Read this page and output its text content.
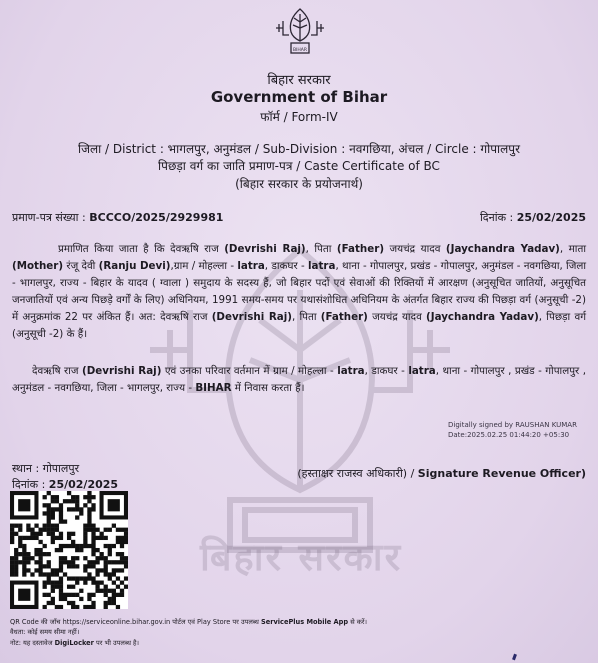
बिहार सरकार
BIHAR
बिहार सरकार
Government of Bihar
फॉर्म / Form-IV
जिला / District : भागलपुर, अनुमंडल / Sub-Division : नवगछिया, अंचल / Circle : गोपालपुर
पिछड़ा वर्ग का जाति प्रमाण-पत्र / Caste Certificate of BC
(बिहार सरकार के प्रयोजनार्थ)
प्रमाण-पत्र संख्या : BCCCO/2025/2929981	दिनांक : 25/02/2025
प्रमाणित किया जाता है कि देवऋषि राज (Devrishi Raj), पिता (Father) जयचंद्र यादव (Jaychandra Yadav), माता (Mother) रंजू देवी (Ranju Devi),ग्राम / मोहल्ला - latra, डाकघर - latra, थाना - गोपालपुर, प्रखंड - गोपालपुर, अनुमंडल - नवगछिया, जिला - भागलपुर, राज्य - बिहार के यादव ( ग्वाला ) समुदाय के सदस्य हैं, जो बिहार पदों एवं सेवाओं की रिक्तियों में आरक्षण (अनुसूचित जातियों, अनुसूचित जनजातियों एवं अन्य पिछड़े वर्गों के लिए) अधिनियम, 1991 समय-समय पर यथासंशोधित अधिनियम के अंतर्गत बिहार राज्य की पिछड़ा वर्ग (अनुसूची -2) में अनुक्रमांक 22 पर अंकित हैं। अत: देवऋषि राज (Devrishi Raj), पिता (Father) जयचंद्र यादव (Jaychandra Yadav), पिछड़ा वर्ग (अनुसूची -2) के हैं।
देवऋषि राज (Devrishi Raj) एवं उनका परिवार वर्तमान में ग्राम / मोहल्ला - latra, डाकघर - latra, थाना - गोपालपुर , प्रखंड - गोपालपुर , अनुमंडल - नवगछिया, जिला - भागलपुर, राज्य - BIHAR में निवास करता हैं।
Digitally signed by RAUSHAN KUMAR
Date:2025.02.25 01:44:20 +05:30
स्थान : गोपालपुर
दिनांक : 25/02/2025
(हस्ताक्षर राजस्व अधिकारी) / Signature Revenue Officer)
QR Code की जाँच https://serviceonline.bihar.gov.in पोर्टल एवं Play Store पर उपलब्ध ServicePlus Mobile App से करें।
वैधता: कोई समय सीमा नहीं।
नोट: यह दस्तावेज DigiLocker पर भी उपलब्ध है।
